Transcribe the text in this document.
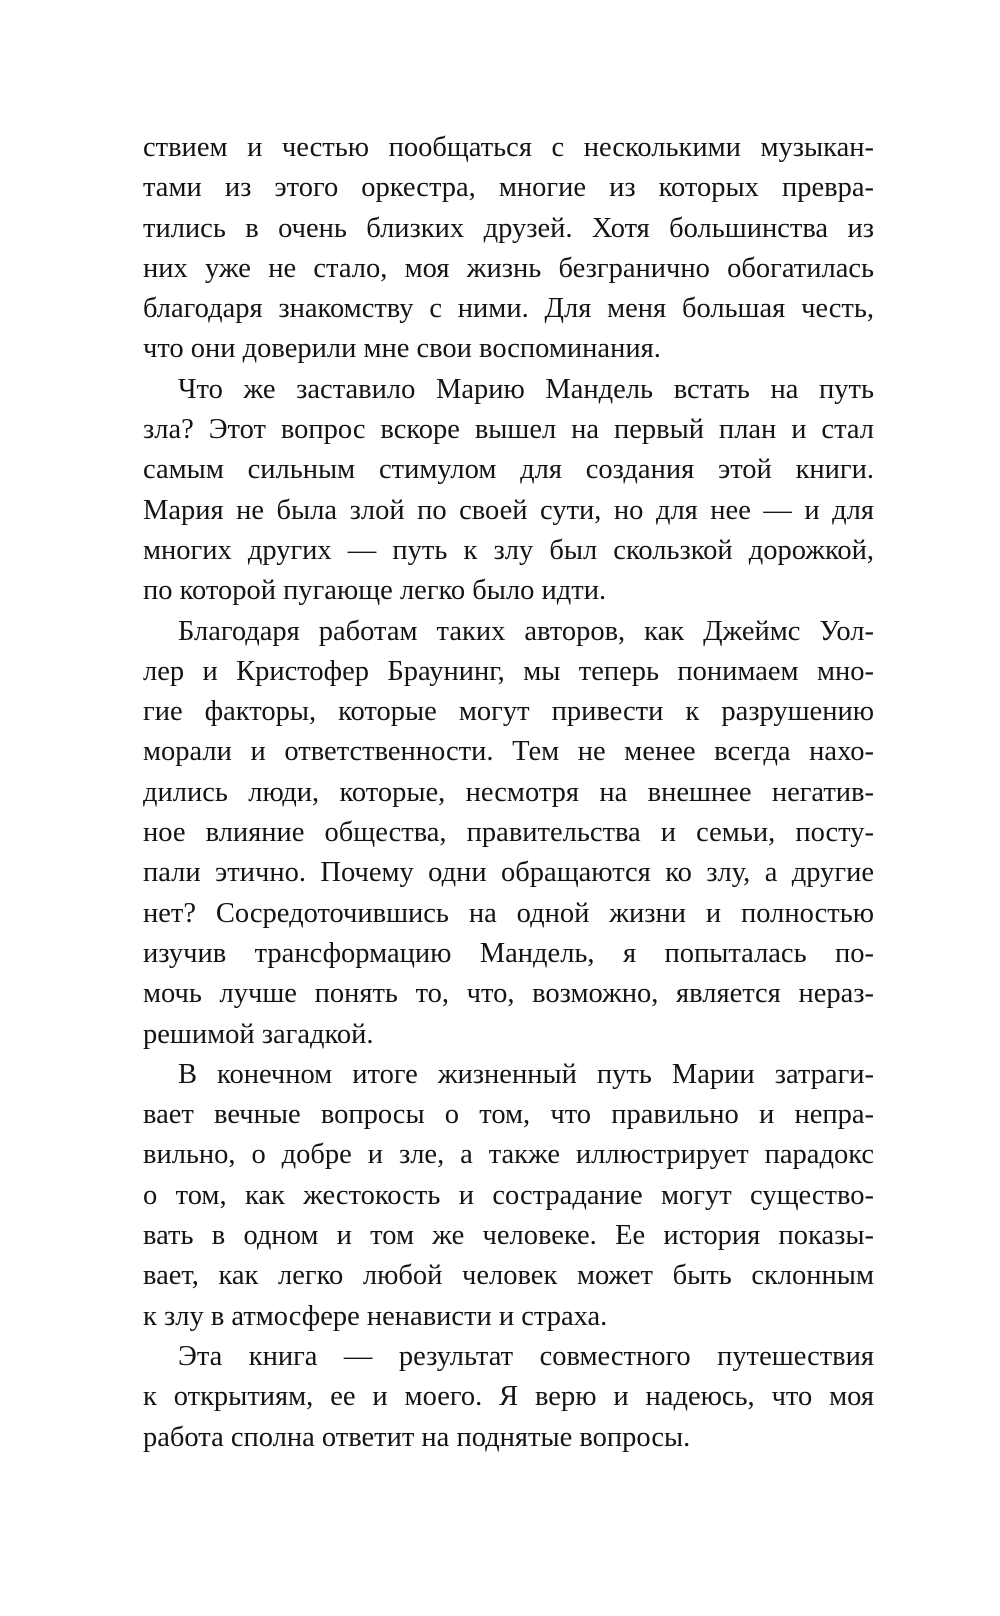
ствием и честью пообщаться с несколькими музыкан-
тами из этого оркестра, многие из которых превра-
тились в очень близких друзей. Хотя большинства из
них уже не стало, моя жизнь безгранично обогатилась
благодаря знакомству с ними. Для меня большая честь,
что они доверили мне свои воспоминания.
Что же заставило Марию Мандель встать на путь
зла? Этот вопрос вскоре вышел на первый план и стал
самым сильным стимулом для создания этой книги.
Мария не была злой по своей сути, но для нее — и для
многих других — путь к злу был скользкой дорожкой,
по которой пугающе легко было идти.
Благодаря работам таких авторов, как Джеймс Уол-
лер и Кристофер Браунинг, мы теперь понимаем мно-
гие факторы, которые могут привести к разрушению
морали и ответственности. Тем не менее всегда нахо-
дились люди, которые, несмотря на внешнее негатив-
ное влияние общества, правительства и семьи, посту-
пали этично. Почему одни обращаются ко злу, а другие
нет? Сосредоточившись на одной жизни и полностью
изучив трансформацию Мандель, я попыталась по-
мочь лучше понять то, что, возможно, является нераз-
решимой загадкой.
В конечном итоге жизненный путь Марии затраги-
вает вечные вопросы о том, что правильно и непра-
вильно, о добре и зле, а также иллюстрирует парадокс
о том, как жестокость и сострадание могут существо-
вать в одном и том же человеке. Ее история показы-
вает, как легко любой человек может быть склонным
к злу в атмосфере ненависти и страха.
Эта книга — результат совместного путешествия
к открытиям, ее и моего. Я верю и надеюсь, что моя
работа сполна ответит на поднятые вопросы.
